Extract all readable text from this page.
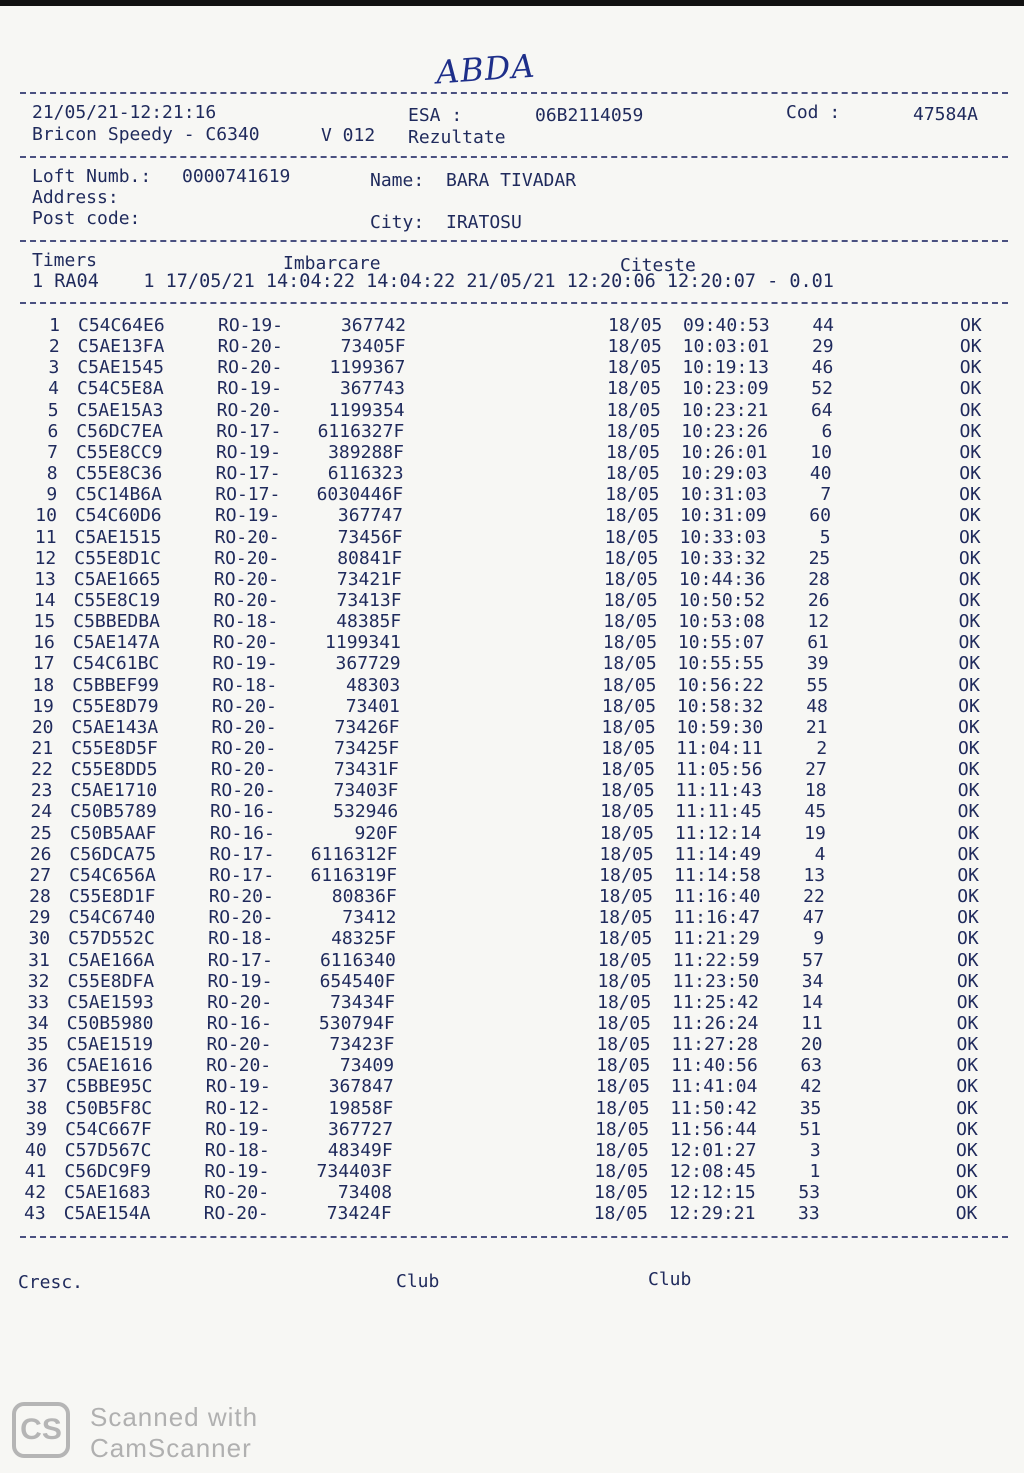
ABDA
21/05/21-12:21:16	ESA :	06B2114059	Cod :	47584A
Bricon Speedy - C6340	V 012 Rezultate
Loft Numb.: 0000741619	Name: BARA TIVADAR
Address:
Post code:	City: IRATOSU
Timers	Imbarcare	Citeste
1 RA04    1 17/05/21 14:04:22 14:04:22 21/05/21 12:20:06 12:20:07 - 0.01
1 C54C64E6	RO-19-	367742	18/05 09:40:53	44	OK
2 C5AE13FA	RO-20-	73405F	18/05 10:03:01	29	OK
3 C5AE1545	RO-20-	1199367	18/05 10:19:13	46	OK
4 C54C5E8A	RO-19-	367743	18/05 10:23:09	52	OK
5 C5AE15A3	RO-20-	1199354	18/05 10:23:21	64	OK
6 C56DC7EA	RO-17- 6116327F	18/05 10:23:26	6	OK
7 C55E8CC9	RO-19-	389288F	18/05 10:26:01	10	OK
8 C55E8C36	RO-17-	6116323	18/05 10:29:03	40	OK
9 C5C14B6A	RO-17- 6030446F	18/05 10:31:03	7	OK
10 C54C60D6	RO-19-	367747	18/05 10:31:09	60	OK
11 C5AE1515	RO-20-	73456F	18/05 10:33:03	5	OK
12 C55E8D1C	RO-20-	80841F	18/05 10:33:32	25	OK
13 C5AE1665	RO-20-	73421F	18/05 10:44:36	28	OK
14 C55E8C19	RO-20-	73413F	18/05 10:50:52	26	OK
15 C5BBEDBA	RO-18-	48385F	18/05 10:53:08	12	OK
16 C5AE147A	RO-20-	1199341	18/05 10:55:07	61	OK
17 C54C61BC	RO-19-	367729	18/05 10:55:55	39	OK
18 C5BBEF99	RO-18-	48303	18/05 10:56:22	55	OK
19 C55E8D79	RO-20-	73401	18/05 10:58:32	48	OK
20 C5AE143A	RO-20-	73426F	18/05 10:59:30	21	OK
21 C55E8D5F	RO-20-	73425F	18/05 11:04:11	2	OK
22 C55E8DD5	RO-20-	73431F	18/05 11:05:56	27	OK
23 C5AE1710	RO-20-	73403F	18/05 11:11:43	18	OK
24 C50B5789	RO-16-	532946	18/05 11:11:45	45	OK
25 C50B5AAF	RO-16-	920F	18/05 11:12:14	19	OK
26 C56DCA75	RO-17- 6116312F	18/05 11:14:49	4	OK
27 C54C656A	RO-17- 6116319F	18/05 11:14:58	13	OK
28 C55E8D1F	RO-20-	80836F	18/05 11:16:40	22	OK
29 C54C6740	RO-20-	73412	18/05 11:16:47	47	OK
30 C57D552C	RO-18-	48325F	18/05 11:21:29	9	OK
31 C5AE166A	RO-17-	6116340	18/05 11:22:59	57	OK
32 C55E8DFA	RO-19-	654540F	18/05 11:23:50	34	OK
33 C5AE1593	RO-20-	73434F	18/05 11:25:42	14	OK
34 C50B5980	RO-16-	530794F	18/05 11:26:24	11	OK
35 C5AE1519	RO-20-	73423F	18/05 11:27:28	20	OK
36 C5AE1616	RO-20-	73409	18/05 11:40:56	63	OK
37 C5BBE95C	RO-19-	367847	18/05 11:41:04	42	OK
38 C50B5F8C	RO-12-	19858F	18/05 11:50:42	35	OK
39 C54C667F	RO-19-	367727	18/05 11:56:44	51	OK
40 C57D567C	RO-18-	48349F	18/05 12:01:27	3	OK
41 C56DC9F9	RO-19-	734403F	18/05 12:08:45	1	OK
42 C5AE1683	RO-20-	73408	18/05 12:12:15	53	OK
43 C5AE154A	RO-20-	73424F	18/05 12:29:21	33	OK
Cresc.	Club	Club
CS	Scanned with
CamScanner
